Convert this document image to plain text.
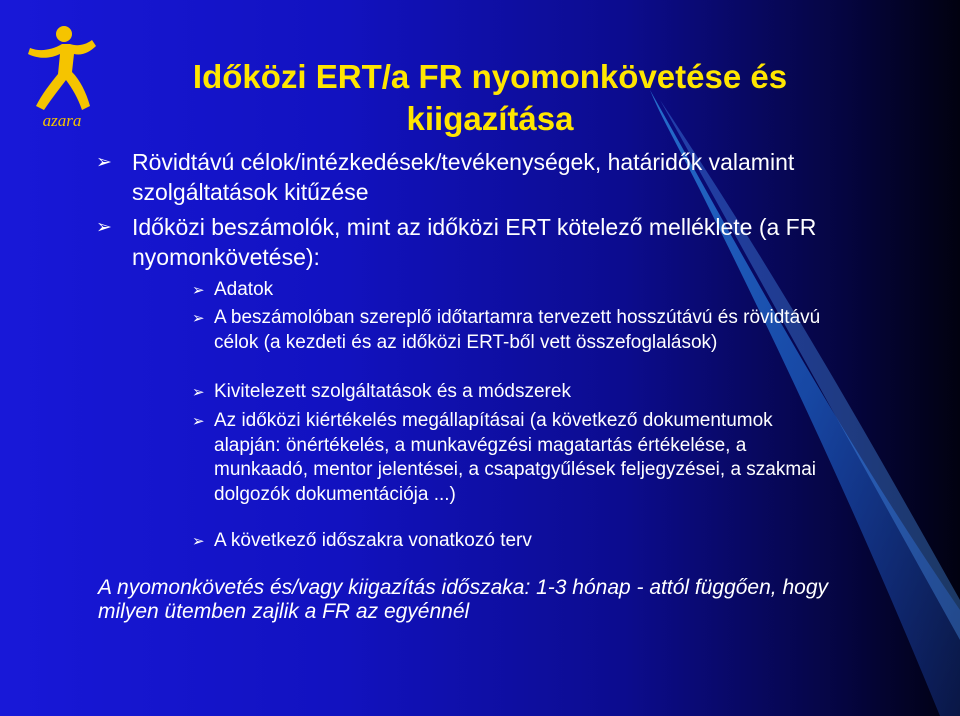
azara
Időközi ERT/a FR nyomonkövetése és
kiigazítása
➢ Rövidtávú célok/intézkedések/tevékenységek, határidők valamint szolgáltatások kitűzése
➢ Időközi beszámolók, mint az időközi ERT kötelező melléklete (a FR nyomonkövetése):
➢ Adatok
➢ A beszámolóban szereplő időtartamra tervezett hosszútávú és rövidtávú célok (a kezdeti és az időközi ERT-ből vett összefoglalások)
➢ Kivitelezett szolgáltatások és a módszerek
➢ Az időközi kiértékelés megállapításai (a következő dokumentumok alapján: önértékelés, a munkavégzési magatartás értékelése, a munkaadó, mentor jelentései, a csapatgyűlések feljegyzései, a szakmai dolgozók dokumentációja ...)
➢ A következő időszakra vonatkozó terv
A nyomonkövetés és/vagy kiigazítás időszaka: 1-3 hónap - attól függően, hogy milyen ütemben zajlik a FR az egyénnél
